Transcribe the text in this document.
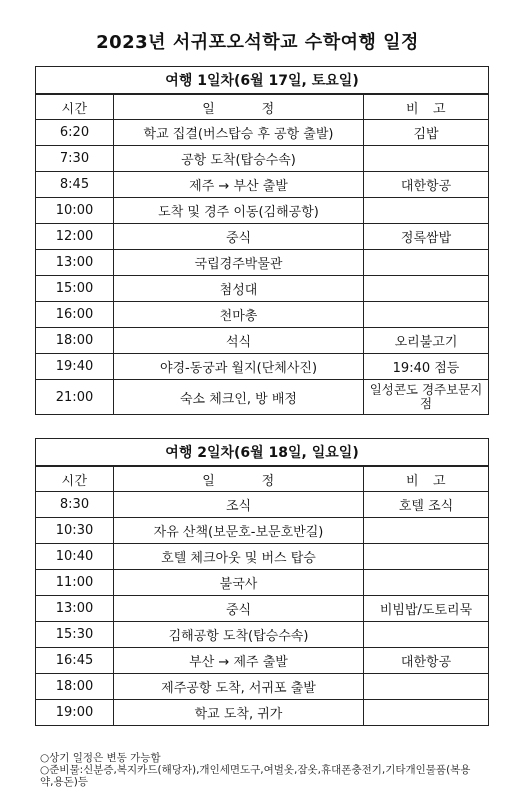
2023년 서귀포오석학교 수학여행 일정
여행 1일차(6월 17일, 토요일)		
시간	일          정	비   고
6:20	학교 집결(버스탑승 후 공항 출발)	김밥
7:30	공항 도착(탑승수속)	
8:45	제주 → 부산 출발	대한항공
10:00	도착 및 경주 이동(김해공항)	
12:00	중식	정록쌈밥
13:00	국립경주박물관	
15:00	첨성대	
16:00	천마총	
18:00	석식	오리불고기
19:40	야경-동궁과 월지(단체사진)	19:40 점등
21:00	숙소 체크인, 방 배정	일성콘도 경주보문지점
여행 2일차(6월 18일, 일요일)		
시간	일          정	비   고
8:30	조식	호텔 조식
10:30	자유 산책(보문호-보문호반길)	
10:40	호텔 체크아웃 및 버스 탑승	
11:00	불국사	
13:00	중식	비빔밥/도토리묵
15:30	김해공항 도착(탑승수속)	
16:45	부산 → 제주 출발	대한항공
18:00	제주공항 도착, 서귀포 출발	
19:00	학교 도착, 귀가	
○상기 일정은 변동 가능함
○준비물:신분증,복지카드(해당자),개인세면도구,여벌옷,잠옷,휴대폰충전기,기타개인물품(복용약,용돈)등
